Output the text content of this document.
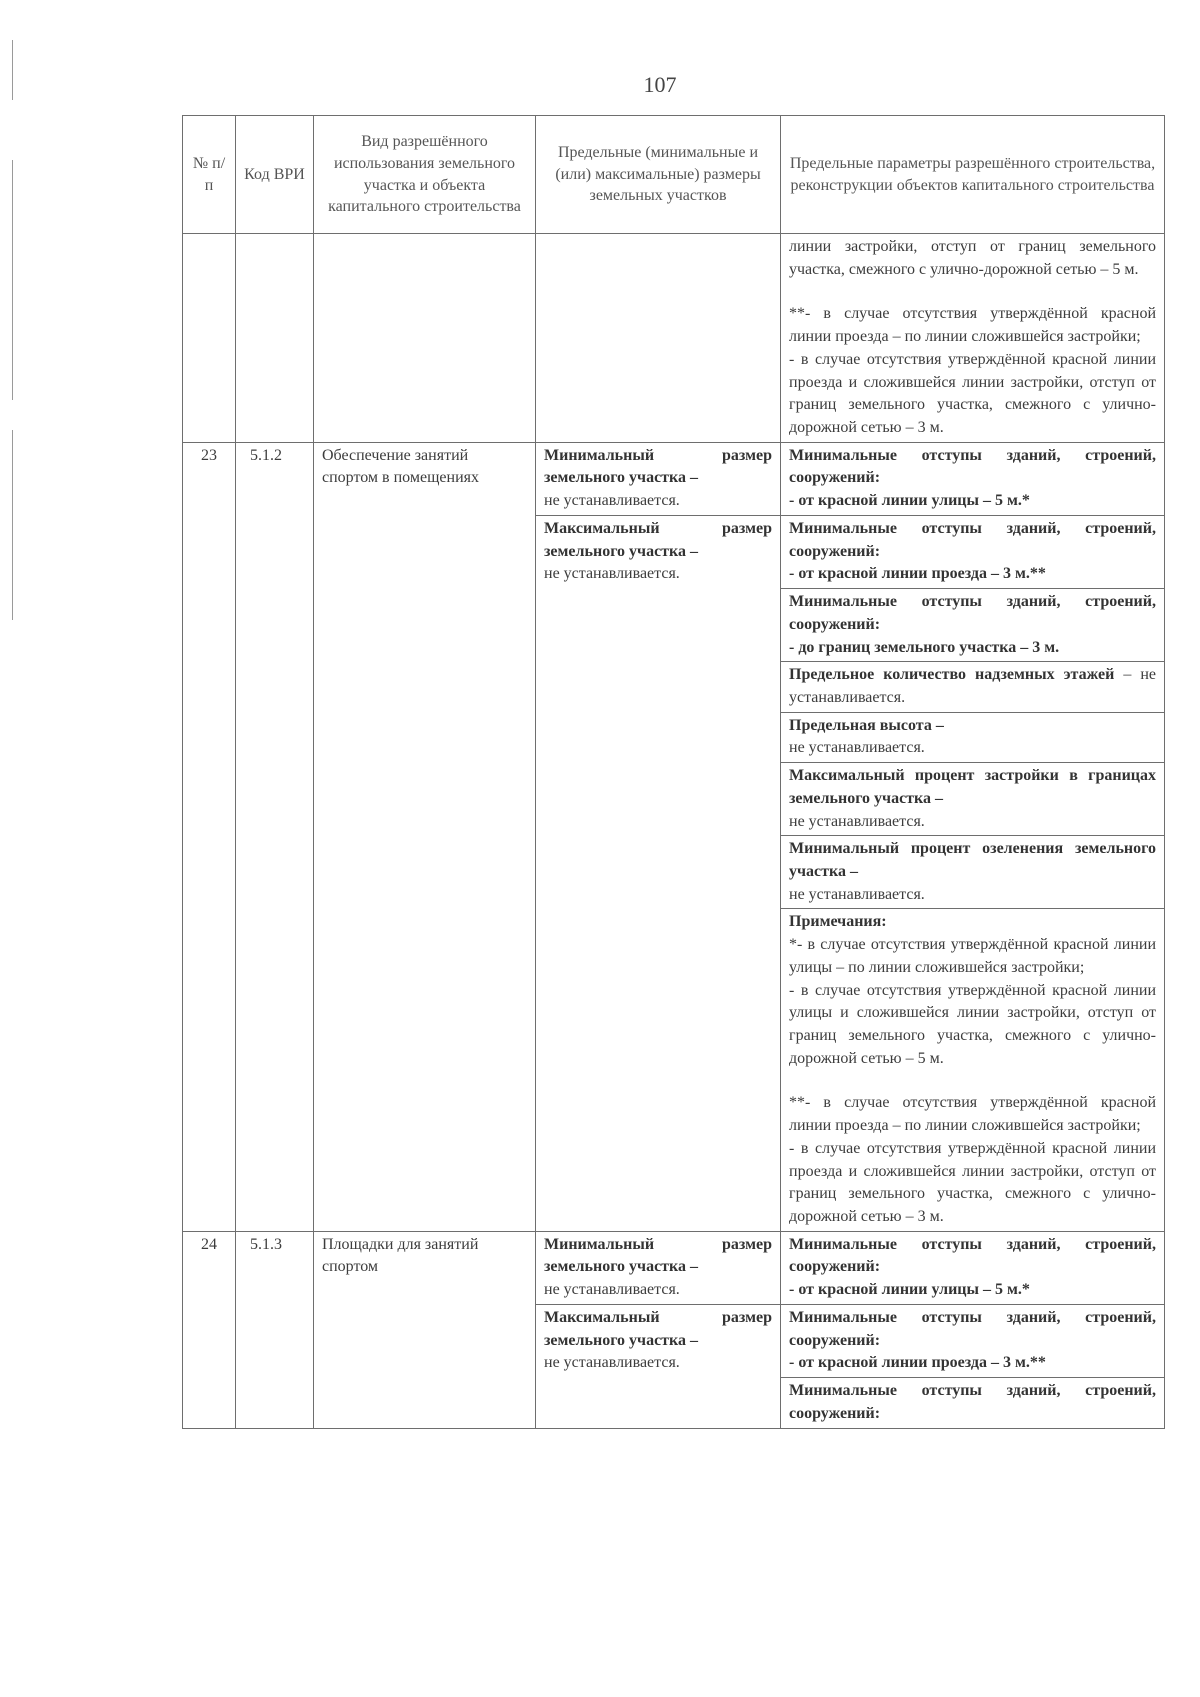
107
№ п/п	Код ВРИ	Вид разрешённого использования земельного участка и объекта капитального строительства	Предельные (минимальные и (или) максимальные) размеры земельных участков	Предельные параметры разрешённого строительства, реконструкции объектов капитального строительства

				линии застройки, отступ от границ земельного участка, смежного с улично-дорожной сетью – 5 м.
**- в случае отсутствия утверждённой красной линии проезда – по линии сложившейся застройки;
- в случае отсутствия утверждённой красной линии проезда и сложившейся линии застройки, отступ от границ земельного участка, смежного с улично-дорожной сетью – 3 м.

23	5.1.2	Обеспечение занятий спортом в помещениях	Минимальный размер земельного участка –
не устанавливается.	Минимальные отступы зданий, строений, сооружений:
- от красной линии улицы – 5 м.*
			Максимальный размер земельного участка –
не устанавливается.	Минимальные отступы зданий, строений, сооружений:
- от красной линии проезда – 3 м.**

				Минимальные отступы зданий, строений, сооружений:
- до границ земельного участка – 3 м.
				Предельное количество надземных этажей – не устанавливается.

				Предельная высота –
не устанавливается.

				Максимальный процент застройки в границах земельного участка –
не устанавливается.

				Минимальный процент озеленения земельного участка –
не устанавливается.

				Примечания:
*- в случае отсутствия утверждённой красной линии улицы – по линии сложившейся застройки;
- в случае отсутствия утверждённой красной линии улицы и сложившейся линии застройки, отступ от границ земельного участка, смежного с улично-дорожной сетью – 5 м.
**- в случае отсутствия утверждённой красной линии проезда – по линии сложившейся застройки;
- в случае отсутствия утверждённой красной линии проезда и сложившейся линии застройки, отступ от границ земельного участка, смежного с улично-дорожной сетью – 3 м.

24	5.1.3	Площадки для занятий спортом	Минимальный размер земельного участка –
не устанавливается.	Минимальные отступы зданий, строений, сооружений:
- от красной линии улицы – 5 м.*
			Максимальный размер земельного участка –
не устанавливается.	Минимальные отступы зданий, строений, сооружений:
- от красной линии проезда – 3 м.**

				Минимальные отступы зданий, строений, сооружений:
